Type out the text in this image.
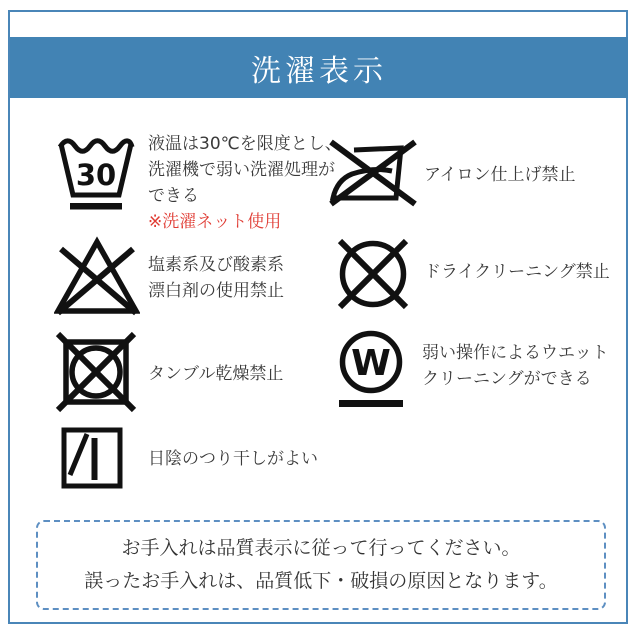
洗濯表示
30
液温は30℃を限度とし、
洗濯機で弱い洗濯処理が
できる
※洗濯ネット使用
塩素系及び酸素系
漂白剤の使用禁止
タンブル乾燥禁止
日陰のつり干しがよい
アイロン仕上げ禁止
ドライクリーニング禁止
W 弱い操作によるウエット
クリーニングができる
お手入れは品質表示に従って行ってください。
誤ったお手入れは、品質低下・破損の原因となります。
